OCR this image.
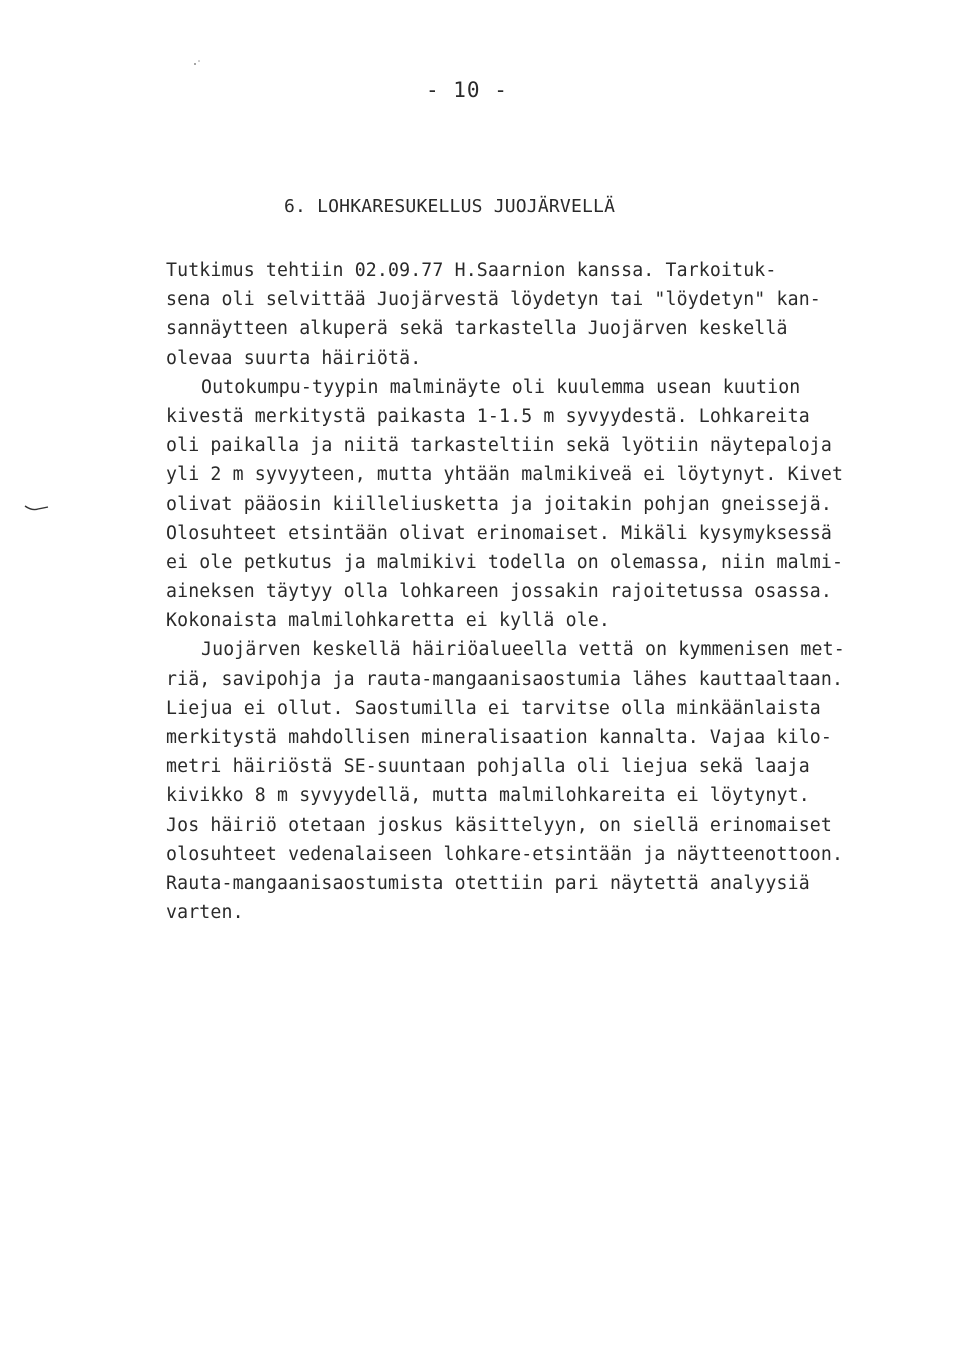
- 10 -
6. LOHKARESUKELLUS JUOJÄRVELLÄ
Tutkimus tehtiin 02.09.77 H.Saarnion kanssa. Tarkoituk-
sena oli selvittää Juojärvestä löydetyn tai "löydetyn" kan-
sannäytteen alkuperä sekä tarkastella Juojärven keskellä
olevaa suurta häiriötä.
Outokumpu-tyypin malminäyte oli kuulemma usean kuution
kivestä merkitystä paikasta 1-1.5 m syvyydestä. Lohkareita
oli paikalla ja niitä tarkasteltiin sekä lyötiin näytepaloja
yli 2 m syvyyteen, mutta yhtään malmikiveä ei löytynyt. Kivet
olivat pääosin kiilleliusketta ja joitakin pohjan gneissejä.
Olosuhteet etsintään olivat erinomaiset. Mikäli kysymyksessä
ei ole petkutus ja malmikivi todella on olemassa, niin malmi-
aineksen täytyy olla lohkareen jossakin rajoitetussa osassa.
Kokonaista malmilohkaretta ei kyllä ole.
Juojärven keskellä häiriöalueella vettä on kymmenisen met-
riä, savipohja ja rauta-mangaanisaostumia lähes kauttaaltaan.
Liejua ei ollut. Saostumilla ei tarvitse olla minkäänlaista
merkitystä mahdollisen mineralisaation kannalta. Vajaa kilo-
metri häiriöstä SE-suuntaan pohjalla oli liejua sekä laaja
kivikko 8 m syvyydellä, mutta malmilohkareita ei löytynyt.
Jos häiriö otetaan joskus käsittelyyn, on siellä erinomaiset
olosuhteet vedenalaiseen lohkare-etsintään ja näytteenottoon.
Rauta-mangaanisaostumista otettiin pari näytettä analyysiä
varten.
